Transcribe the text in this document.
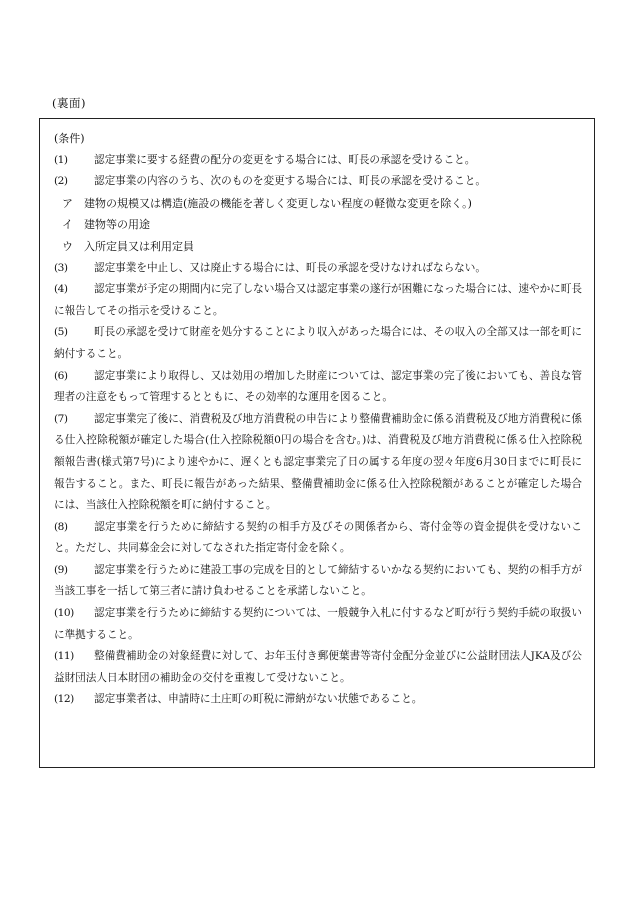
(裏面)
(条件)

(1) 認定事業に要する経費の配分の変更をする場合には、町長の承認を受けること。

(2) 認定事業の内容のうち、次のものを変更する場合には、町長の承認を受けること。

ア	建物の規模又は構造(施設の機能を著しく変更しない程度の軽微な変更を除く。)
イ	建物等の用途
ウ	入所定員又は利用定員

(3) 認定事業を中止し、又は廃止する場合には、町長の承認を受けなければならない。

(4) 認定事業が予定の期間内に完了しない場合又は認定事業の遂行が困難になった場合には、速やかに町長に報告してその指示を受けること。

(5) 町長の承認を受けて財産を処分することにより収入があった場合には、その収入の全部又は一部を町に納付すること。

(6) 認定事業により取得し、又は効用の増加した財産については、認定事業の完了後においても、善良な管理者の注意をもって管理するとともに、その効率的な運用を図ること。

(7) 認定事業完了後に、消費税及び地方消費税の申告により整備費補助金に係る消費税及び地方消費税に係る仕入控除税額が確定した場合(仕入控除税額0円の場合を含む。)は、消費税及び地方消費税に係る仕入控除税額報告書(様式第7号)により速やかに、遅くとも認定事業完了日の属する年度の翌々年度6月30日までに町長に報告すること。また、町長に報告があった結果、整備費補助金に係る仕入控除税額があることが確定した場合には、当該仕入控除税額を町に納付すること。

(8) 認定事業を行うために締結する契約の相手方及びその関係者から、寄付金等の資金提供を受けないこと。ただし、共同募金会に対してなされた指定寄付金を除く。

(9) 認定事業を行うために建設工事の完成を目的として締結するいかなる契約においても、契約の相手方が当該工事を一括して第三者に請け負わせることを承諾しないこと。

(10) 認定事業を行うために締結する契約については、一般競争入札に付するなど町が行う契約手続の取扱いに準拠すること。

(11) 整備費補助金の対象経費に対して、お年玉付き郵便葉書等寄付金配分金並びに公益財団法人JKA及び公益財団法人日本財団の補助金の交付を重複して受けないこと。

(12) 認定事業者は、申請時に土庄町の町税に滞納がない状態であること。
